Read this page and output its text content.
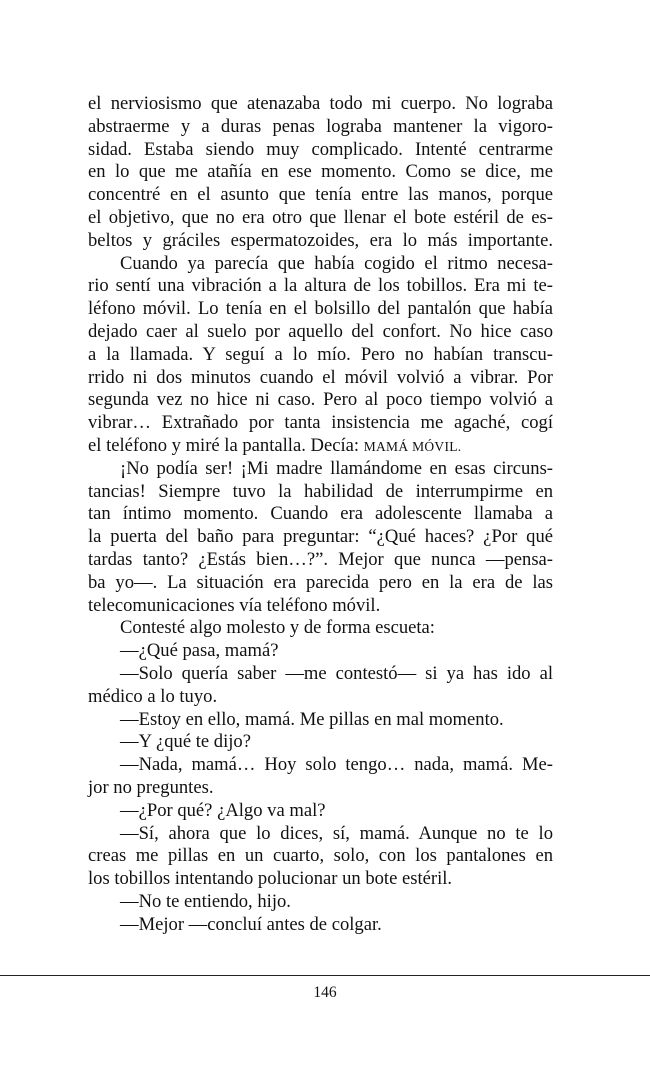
el nerviosismo que atenazaba todo mi cuerpo. No lograba
abstraerme y a duras penas lograba mantener la vigoro-
sidad. Estaba siendo muy complicado. Intenté centrarme
en lo que me atañía en ese momento. Como se dice, me
concentré en el asunto que tenía entre las manos, porque
el objetivo, que no era otro que llenar el bote estéril de es-
beltos y gráciles espermatozoides, era lo más importante.
Cuando ya parecía que había cogido el ritmo necesa-
rio sentí una vibración a la altura de los tobillos. Era mi te-
léfono móvil. Lo tenía en el bolsillo del pantalón que había
dejado caer al suelo por aquello del confort. No hice caso
a la llamada. Y seguí a lo mío. Pero no habían transcu-
rrido ni dos minutos cuando el móvil volvió a vibrar. Por
segunda vez no hice ni caso. Pero al poco tiempo volvió a
vibrar… Extrañado por tanta insistencia me agaché, cogí
el teléfono y miré la pantalla. Decía: MAMÁ MÓVIL.
¡No podía ser! ¡Mi madre llamándome en esas circuns-
tancias! Siempre tuvo la habilidad de interrumpirme en
tan íntimo momento. Cuando era adolescente llamaba a
la puerta del baño para preguntar: “¿Qué haces? ¿Por qué
tardas tanto? ¿Estás bien…?”. Mejor que nunca —pensa-
ba yo—. La situación era parecida pero en la era de las
telecomunicaciones vía teléfono móvil.
Contesté algo molesto y de forma escueta:
—¿Qué pasa, mamá?
—Solo quería saber —me contestó— si ya has ido al
médico a lo tuyo.
—Estoy en ello, mamá. Me pillas en mal momento.
—Y ¿qué te dijo?
—Nada, mamá… Hoy solo tengo… nada, mamá. Me-
jor no preguntes.
—¿Por qué? ¿Algo va mal?
—Sí, ahora que lo dices, sí, mamá. Aunque no te lo
creas me pillas en un cuarto, solo, con los pantalones en
los tobillos intentando polucionar un bote estéril.
—No te entiendo, hijo.
—Mejor —concluí antes de colgar.
146
